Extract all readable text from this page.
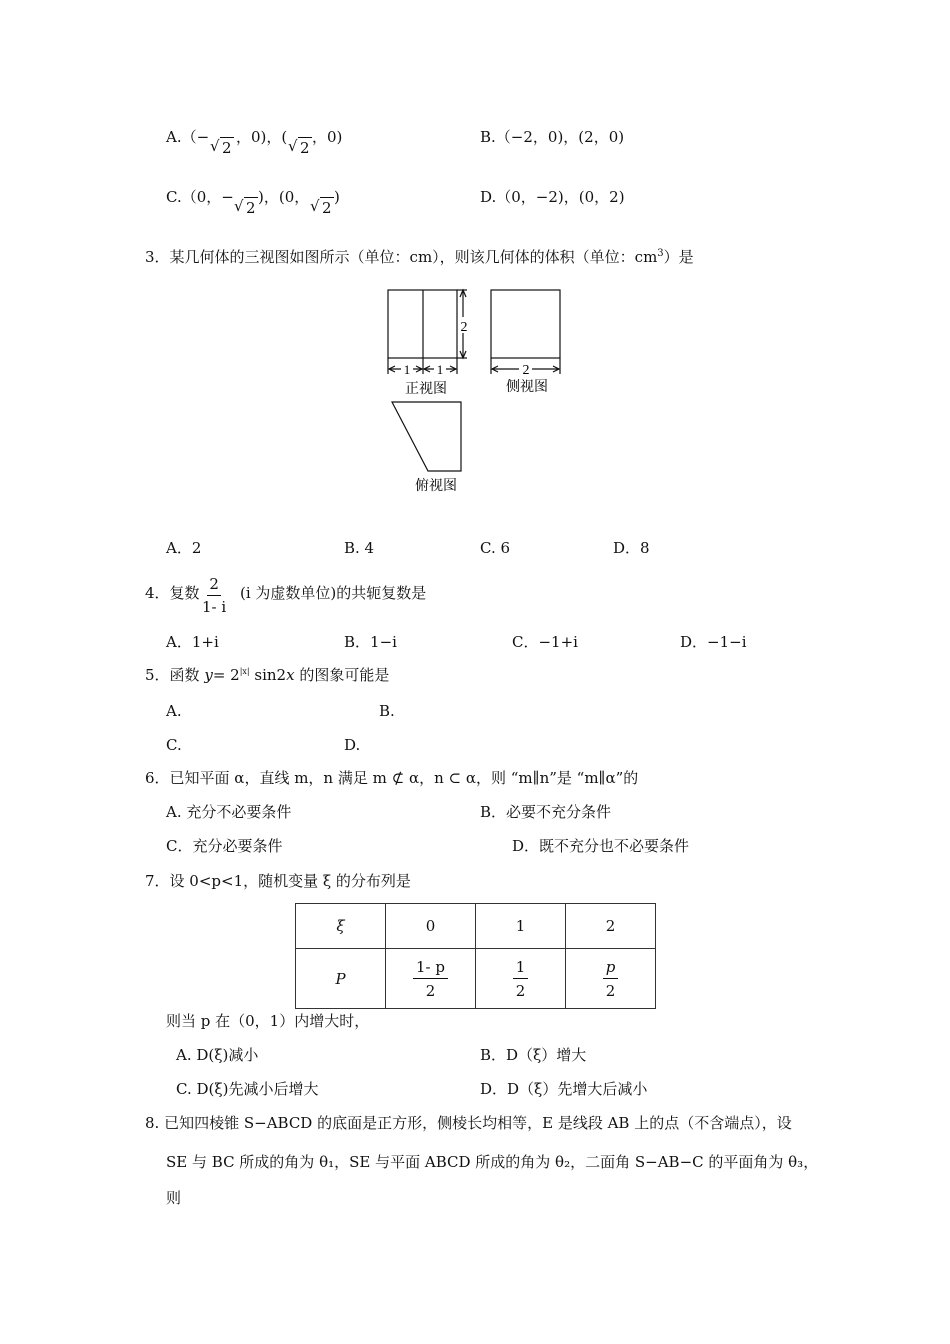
A.（− √ 2
，0)，( √ 2
，0)	B.（−2，0)，(2，0)
C.（0，− √ 2
)，(0， √ 2
)	D.（0，−2)，(0，2)
3．某几何体的三视图如图所示（单位：cm），则该几何体的体积（单位：$cm^3$）是
1 1
2
正视图
2
侧视图
俯视图
A．2	B. 4	C. 6	D．8
4．复数 $\frac{2}{1- i} (i$ 为虚数单位)的共轭复数是
A．1+i	B．1−i	C．−1+i	D．−1−i
5．函数 $y= 2^{|x|}$ sin2x 的图象可能是
A.	B.
C.	D.
6．已知平面 α，直线 m，n 满足 m ⊄ α，n ⊂ α，则 “m∥n”是 “m∥α”的
A. 充分不必要条件	B．必要不充分条件
C．充分必要条件	D．既不充分也不必要条件
7．设 0<p<1，随机变量 ξ 的分布列是
ξ	0	1	2
P	$\frac{1- p}{2}$	$\frac{1}{2}$	$\frac{p}{2}$
则当 p 在（0，1）内增大时，
A. D(ξ)减小	B．D（ξ）增大
C. D(ξ)先减小后增大	D．D（ξ）先增大后减小
8. 已知四棱锥 S−ABCD 的底面是正方形，侧棱长均相等，E 是线段 AB 上的点（不含端点），设
SE 与 BC 所成的角为 θ₁，SE 与平面 ABCD 所成的角为 θ₂，二面角 S−AB−C 的平面角为 θ₃，
则
